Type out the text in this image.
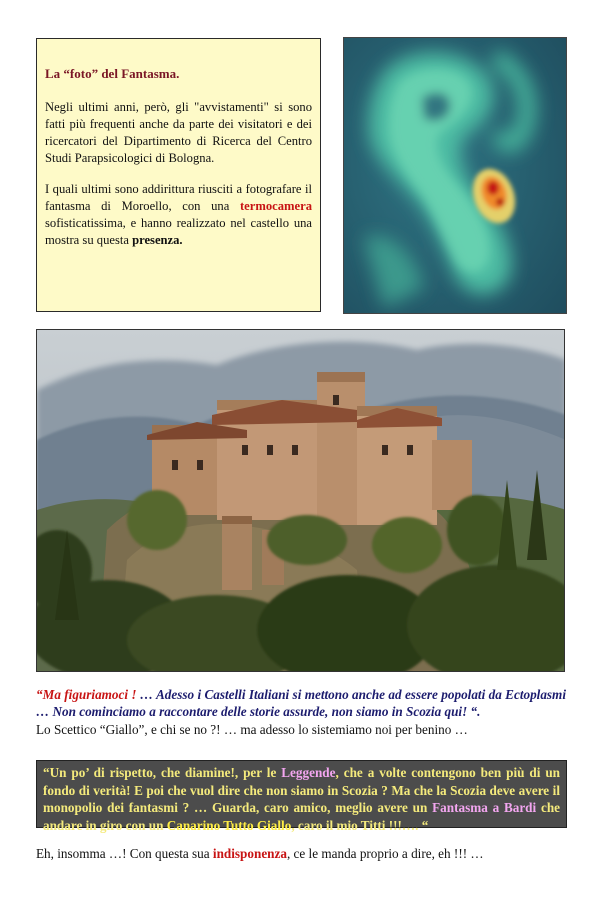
La “foto” del Fantasma.

Negli ultimi anni, però, gli "avvistamenti" si sono fatti più frequenti anche da parte dei visitatori e dei ricercatori del Dipartimento di Ricerca del Centro Studi Parapsicologici di Bologna.

I quali ultimi sono addirittura riusciti a fotografare il fantasma di Moroello, con una termocamera sofisticatissima, e hanno realizzato nel castello una mostra su questa presenza.

“Ma figuriamoci ! … Adesso i Castelli Italiani si mettono anche ad essere popolati da Ectoplasmi … Non cominciamo a raccontare delle storie assurde, non siamo in Scozia qui! “.
Lo Scettico “Giallo”, e chi se no ?! … ma adesso lo sistemiamo noi per benino …
“Un po’ di rispetto, che diamine!, per le Leggende, che a volte contengono ben più di un fondo di verità! E poi che vuol dire che non siamo in Scozia ? Ma che la Scozia deve avere il monopolio dei fantasmi ? … Guarda, caro amico, meglio avere un Fantasma a Bardi che andare in giro con un Canarino Tutto Giallo, caro il mio Titti !!!…. “
Eh, insomma …! Con questa sua indisponenza, ce le manda proprio a dire, eh !!! …
